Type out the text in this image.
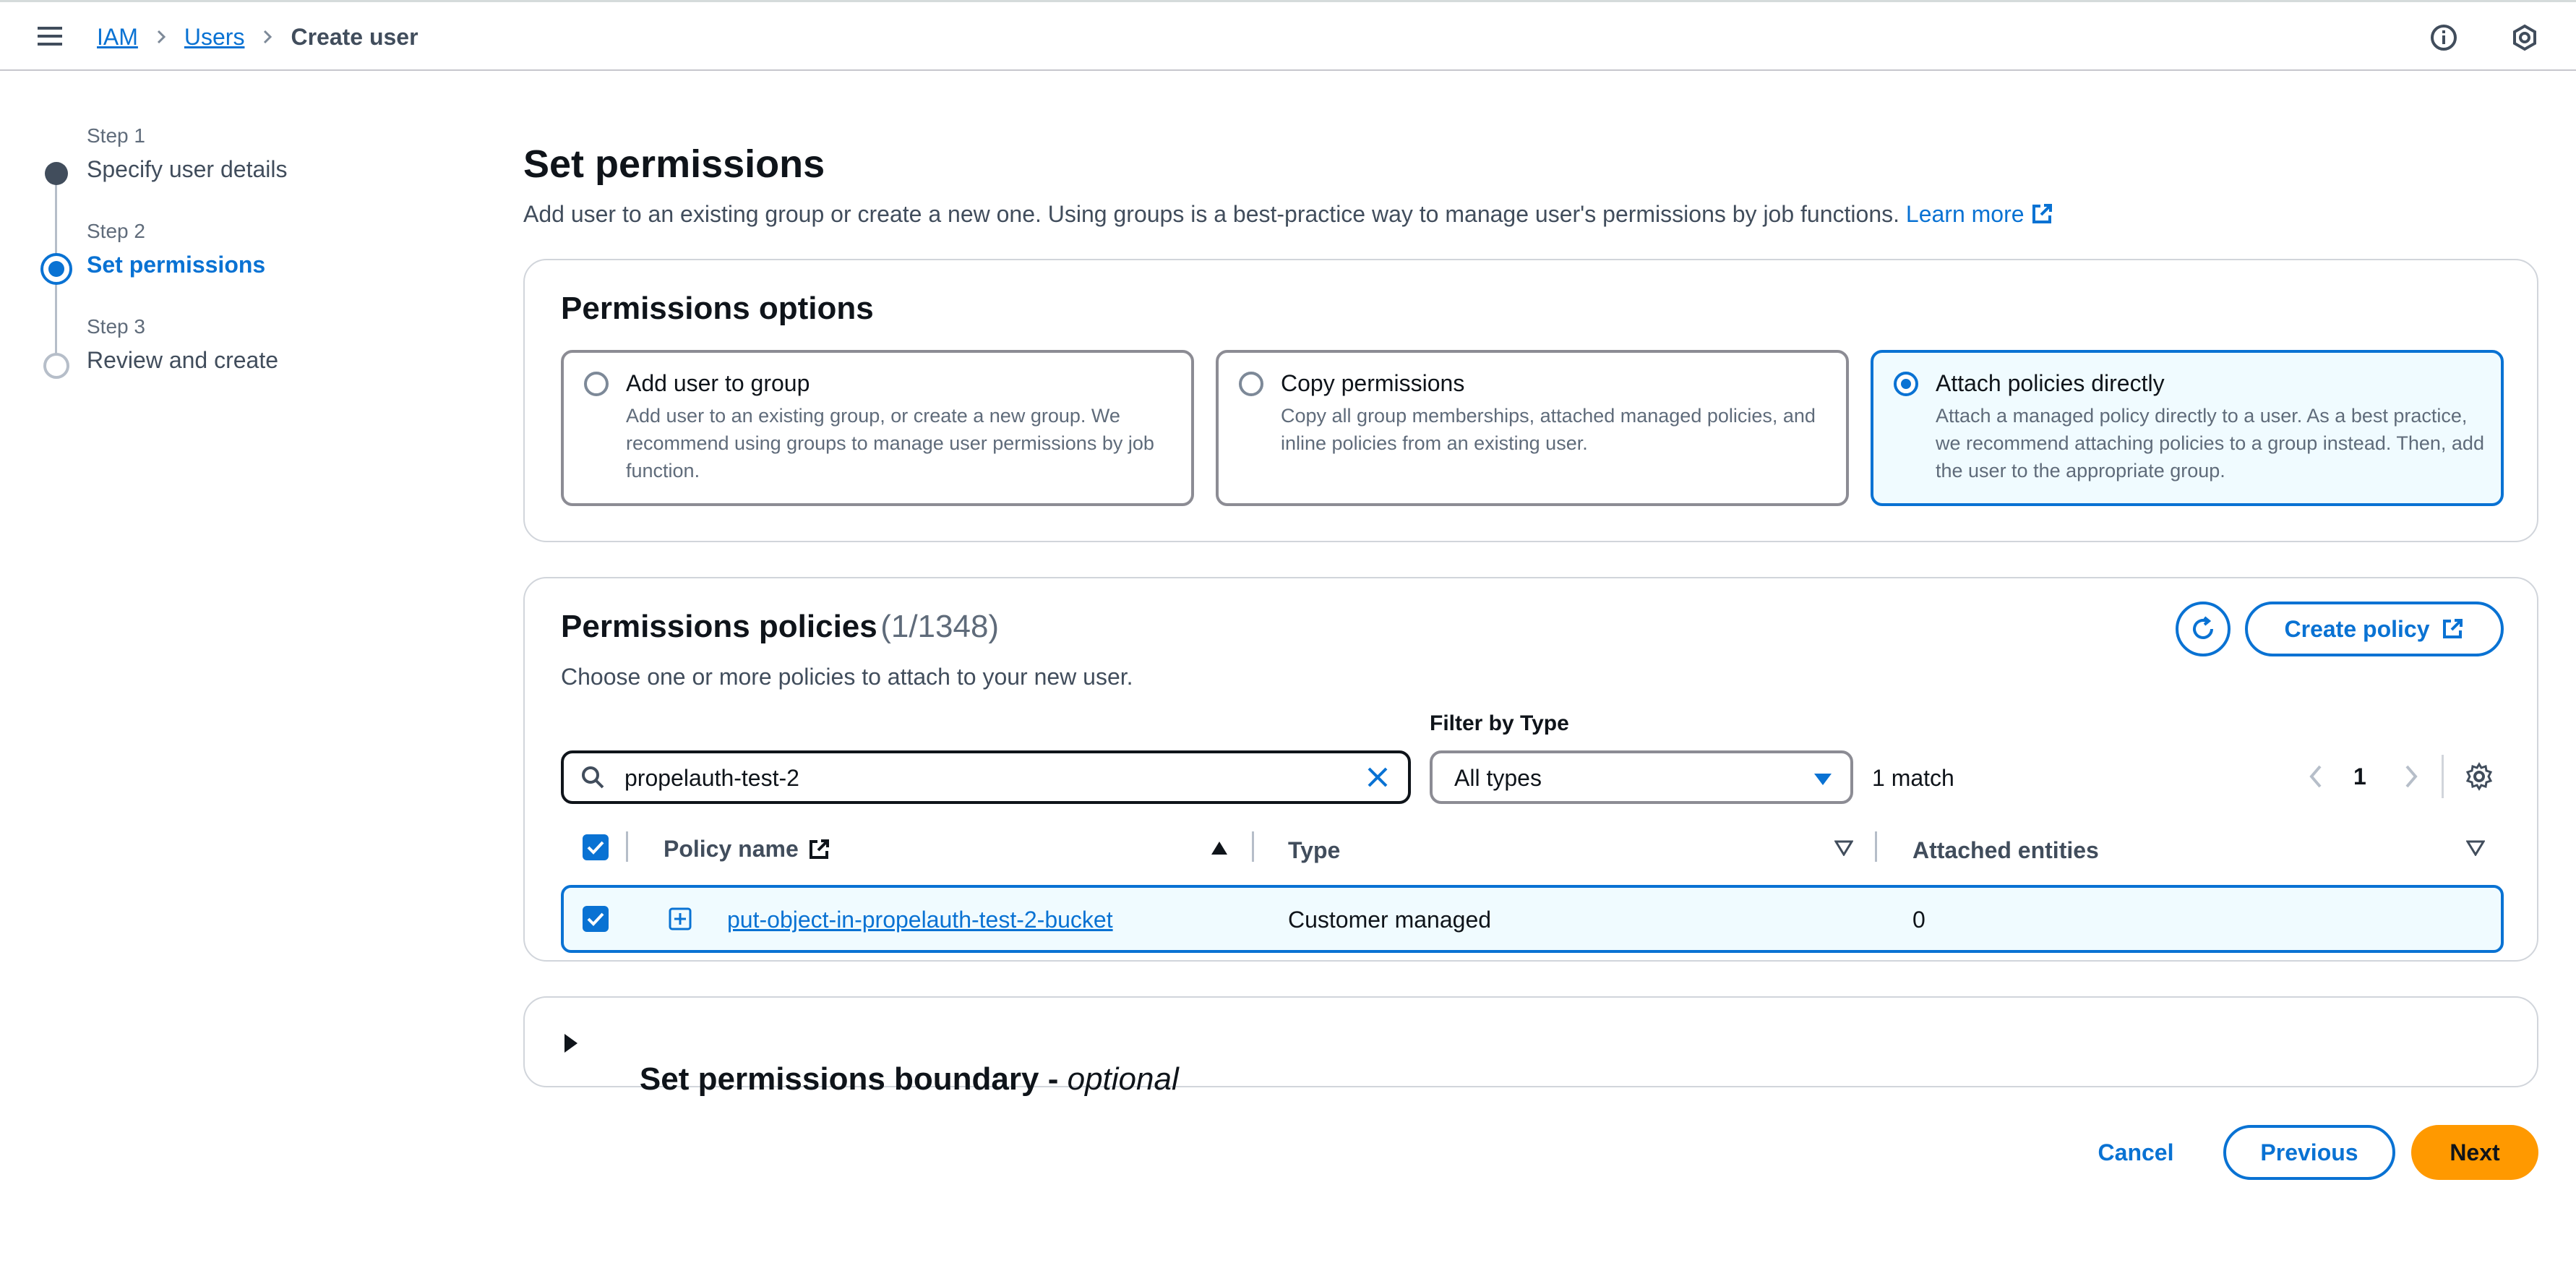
IAM Users Create user
Step 1
Specify user details
Step 2
Set permissions
Step 3
Review and create
Set permissions
Add user to an existing group or create a new one. Using groups is a best-practice way to manage user's permissions by job functions. Learn more
Permissions options
Add user to group
Add user to an existing group, or create a new group. We recommend using groups to manage user permissions by job function.
Copy permissions
Copy all group memberships, attached managed policies, and inline policies from an existing user.
Attach policies directly
Attach a managed policy directly to a user. As a best practice, we recommend attaching policies to a group instead. Then, add the user to the appropriate group.
Permissions policies (1/1348)
Choose one or more policies to attach to your new user.
Create policy
Filter by Type
propelauth-test-2	All types	1 match	1
Policy name	Type	Attached entities
put-object-in-propelauth-test-2-bucket	Customer managed	0

Set permissions boundary - optional

Cancel	Previous	Next
